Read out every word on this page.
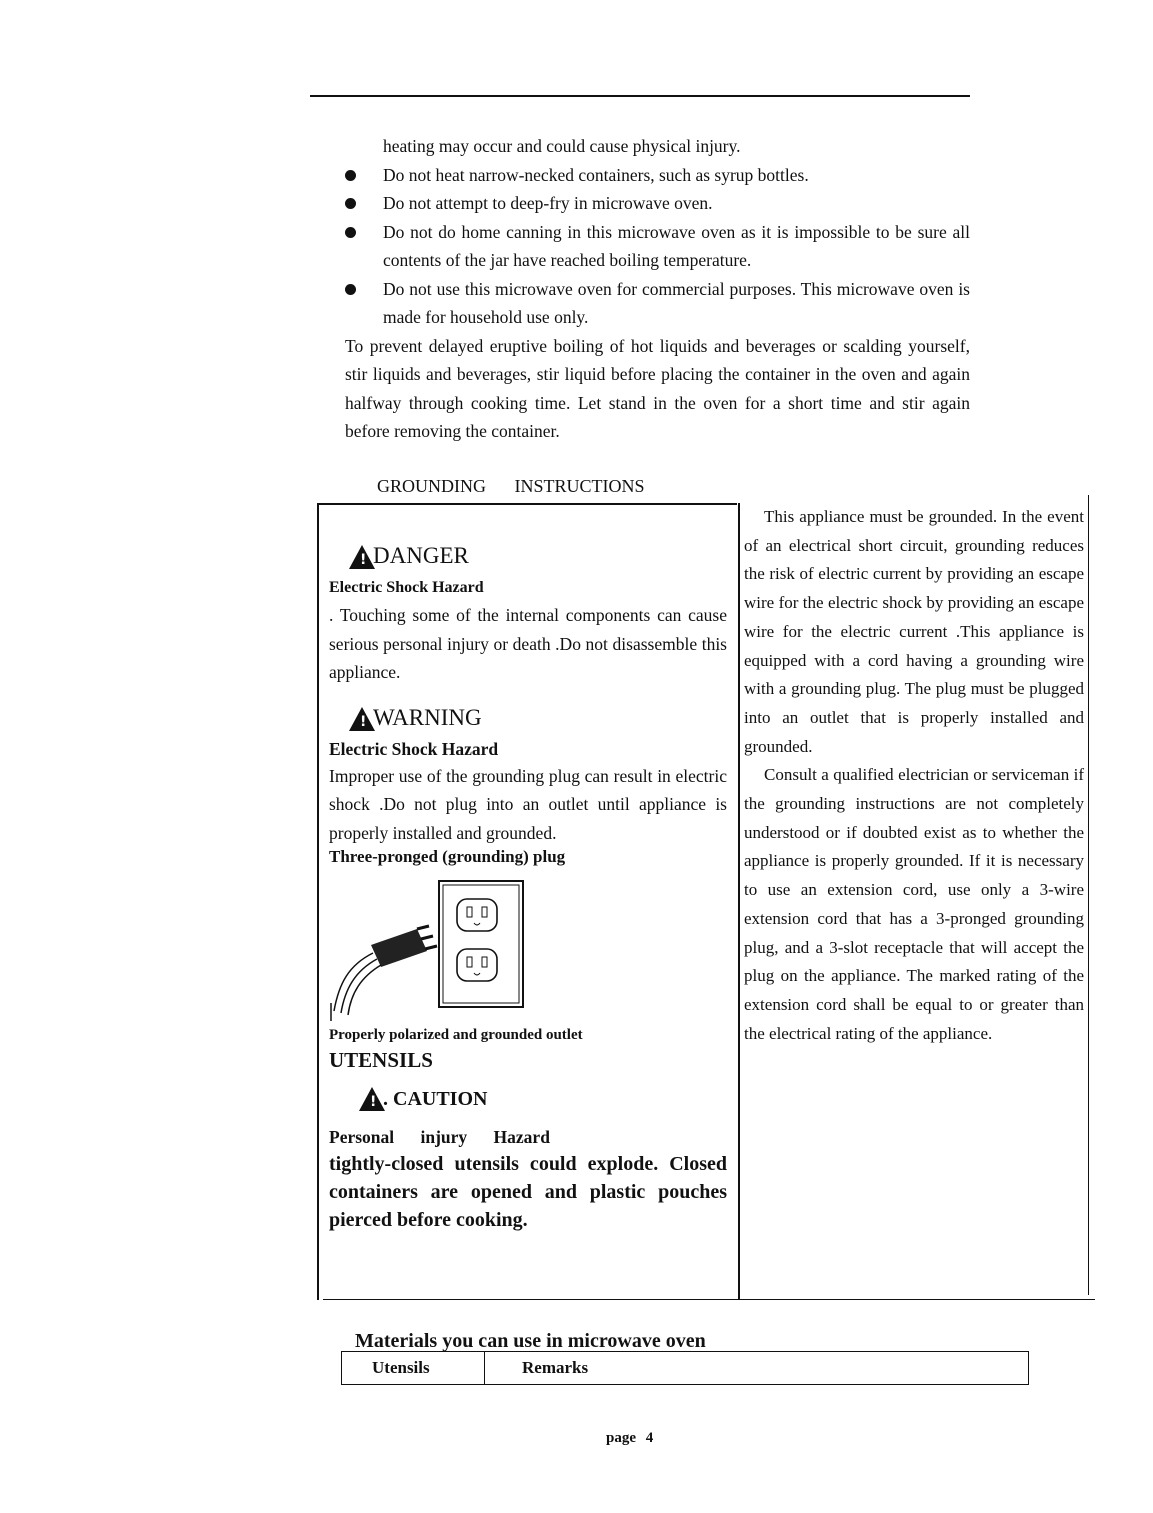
heating may occur and could cause physical injury.
Do not heat narrow-necked containers, such as syrup bottles.
Do not attempt to deep-fry in microwave oven.
Do not do home canning in this microwave oven as it is impossible to be sure all contents of the jar have reached boiling temperature.
Do not use this microwave oven for commercial purposes. This microwave oven is made for household use only.
To prevent delayed eruptive boiling of hot liquids and beverages or scalding yourself, stir liquids and beverages, stir liquid before placing the container in the oven and again halfway through cooking time. Let stand in the oven for a short time and stir again before removing the container.
GROUNDING INSTRUCTIONS
!
DANGER
Electric Shock Hazard
. Touching some of the internal components can cause serious personal injury or death .Do not disassemble this appliance.
!
WARNING
Electric Shock Hazard
Improper use of the grounding plug can result in electric shock .Do not plug into an outlet until appliance is properly installed and grounded.
Three-pronged (grounding) plug
Properly polarized and grounded outlet
UTENSILS
!
. CAUTION
Personal injury Hazard
tightly-closed utensils could explode. Closed containers are opened and plastic pouches pierced before cooking.
This appliance must be grounded. In the event of an electrical short circuit, grounding reduces the risk of electric current by providing an escape wire for the electric shock by providing an escape wire for the electric current .This appliance is equipped with a cord having a grounding wire with a grounding plug. The plug must be plugged into an outlet that is properly installed and grounded.
Consult a qualified electrician or serviceman if the grounding instructions are not completely understood or if doubted exist as to whether the appliance is properly grounded. If it is necessary to use an extension cord, use only a 3-wire extension cord that has a 3-pronged grounding plug, and a 3-slot receptacle that will accept the plug on the appliance. The marked rating of the extension cord shall be equal to or greater than the electrical rating of the appliance.
Materials you can use in microwave oven
Utensils	Remarks
page 4
